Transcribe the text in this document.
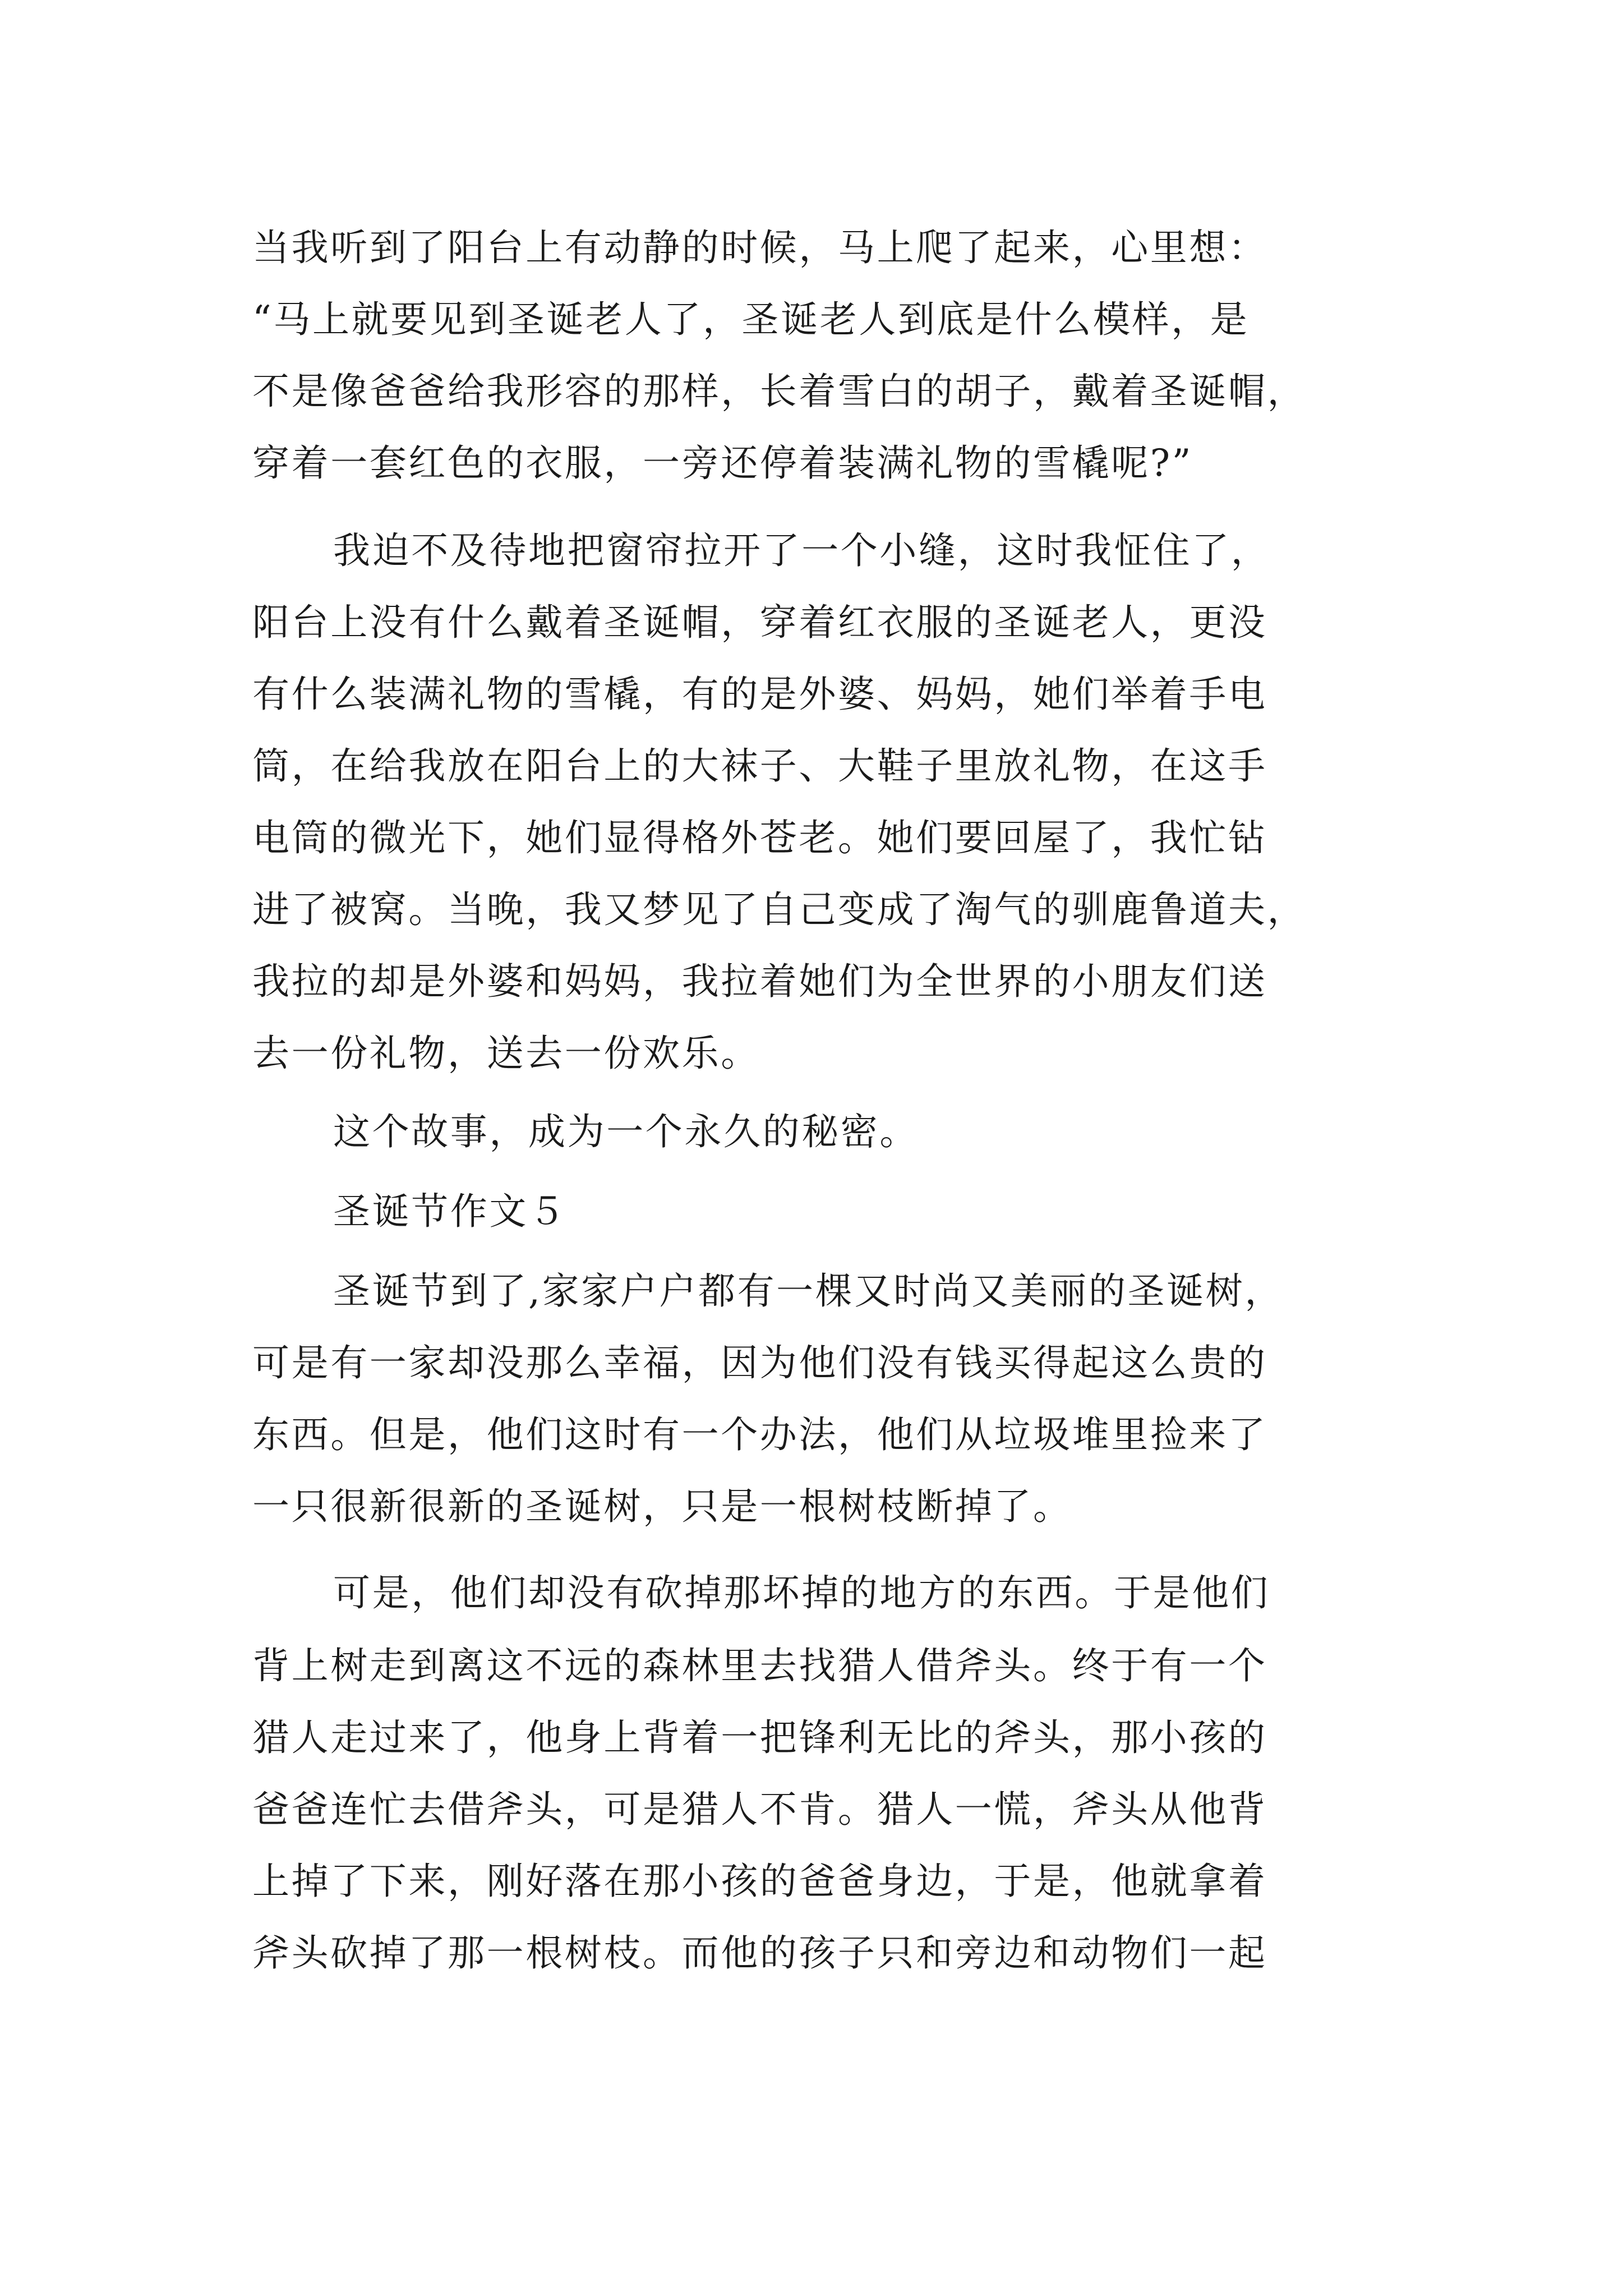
当我听到了阳台上有动静的时候，马上爬了起来，心里想：
“马上就要见到圣诞老人了，圣诞老人到底是什么模样，是
不是像爸爸给我形容的那样，长着雪白的胡子，戴着圣诞帽，
穿着一套红色的衣服，一旁还停着装满礼物的雪橇呢?”
我迫不及待地把窗帘拉开了一个小缝，这时我怔住了，
阳台上没有什么戴着圣诞帽，穿着红衣服的圣诞老人，更没
有什么装满礼物的雪橇，有的是外婆、妈妈，她们举着手电
筒，在给我放在阳台上的大袜子、大鞋子里放礼物，在这手
电筒的微光下，她们显得格外苍老。她们要回屋了，我忙钻
进了被窝。当晚，我又梦见了自己变成了淘气的驯鹿鲁道夫，
我拉的却是外婆和妈妈，我拉着她们为全世界的小朋友们送
去一份礼物，送去一份欢乐。
这个故事，成为一个永久的秘密。
圣诞节作文５
圣诞节到了,家家户户都有一棵又时尚又美丽的圣诞树，
可是有一家却没那么幸福，因为他们没有钱买得起这么贵的
东西。但是，他们这时有一个办法，他们从垃圾堆里捡来了
一只很新很新的圣诞树，只是一根树枝断掉了。
可是，他们却没有砍掉那坏掉的地方的东西。于是他们
背上树走到离这不远的森林里去找猎人借斧头。终于有一个
猎人走过来了，他身上背着一把锋利无比的斧头，那小孩的
爸爸连忙去借斧头，可是猎人不肯。猎人一慌，斧头从他背
上掉了下来，刚好落在那小孩的爸爸身边，于是，他就拿着
斧头砍掉了那一根树枝。而他的孩子只和旁边和动物们一起
